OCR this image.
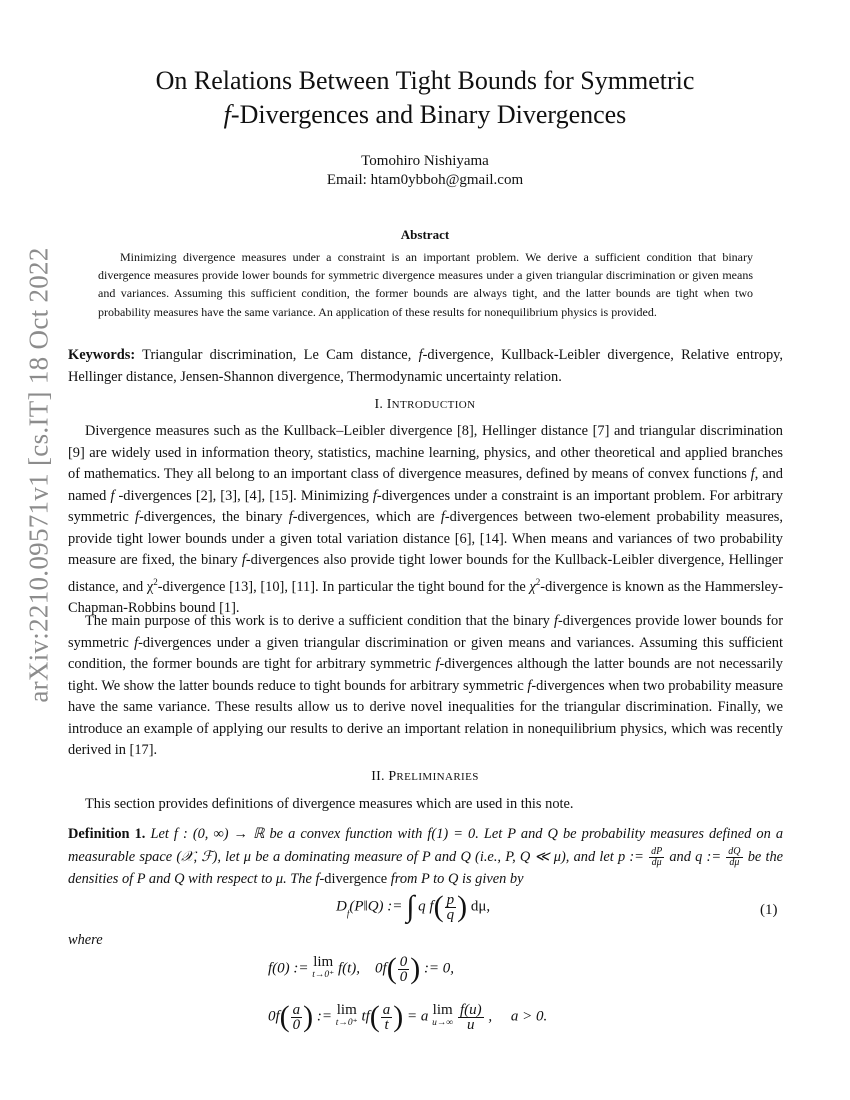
arXiv:2210.09571v1 [cs.IT] 18 Oct 2022
On Relations Between Tight Bounds for Symmetric
f-Divergences and Binary Divergences
Tomohiro Nishiyama
Email: htam0ybboh@gmail.com
Abstract

Minimizing divergence measures under a constraint is an important problem. We derive a sufficient condition that binary divergence measures provide lower bounds for symmetric divergence measures under a given triangular discrimination or given means and variances. Assuming this sufficient condition, the former bounds are always tight, and the latter bounds are tight when two probability measures have the same variance. An application of these results for nonequilibrium physics is provided.

Keywords: Triangular discrimination, Le Cam distance, f-divergence, Kullback-Leibler divergence, Relative entropy, Hellinger distance, Jensen-Shannon divergence, Thermodynamic uncertainty relation.

I. INTRODUCTION

Divergence measures such as the Kullback–Leibler divergence [8], Hellinger distance [7] and triangular discrimination [9] are widely used in information theory, statistics, machine learning, physics, and other theoretical and applied branches of mathematics. They all belong to an important class of divergence measures, defined by means of convex functions f, and named f -divergences [2], [3], [4], [15]. Minimizing f-divergences under a constraint is an important problem. For arbitrary symmetric f-divergences, the binary f-divergences, which are f-divergences between two-element probability measures, provide tight lower bounds under a given total variation distance [6], [14]. When means and variances of two probability measure are fixed, the binary f-divergences also provide tight lower bounds for the Kullback-Leibler divergence, Hellinger distance, and $\chi^2$-divergence [13], [10], [11]. In particular the tight bound for the $\chi^2$-divergence is known as the Hammersley-Chapman-Robbins bound [1].

The main purpose of this work is to derive a sufficient condition that the binary f-divergences provide lower bounds for symmetric f-divergences under a given triangular discrimination or given means and variances. Assuming this sufficient condition, the former bounds are tight for arbitrary symmetric f-divergences although the latter bounds are not necessarily tight. We show the latter bounds reduce to tight bounds for arbitrary symmetric f-divergences when two probability measure have the same variance. These results allow us to derive novel inequalities for the triangular discrimination. Finally, we introduce an example of applying our results to derive an important relation in nonequilibrium physics, which was recently derived in [17].

II. PRELIMINARIES

This section provides definitions of divergence measures which are used in this note.

Definition 1. Let f : (0, ∞) → ℝ be a convex function with f(1) = 0. Let P and Q be probability measures defined on a measurable space (𝒳, ℱ), let μ be a dominating measure of P and Q (i.e., P, Q ≪ μ), and let p := $\frac{dP}{d\mu}$ and q := $\frac{dQ}{d\mu}$ be the densities of P and Q with respect to μ. The f-divergence from P to Q is given by

$D_f(P‖Q)$ := ∫ q $f( \frac{p}{q}$ ) dμ,	(1)
where
f(0) := lim
t→0⁺ f(t), $0f( \frac{0}{0}$ ) := 0,
$0f( \frac{a}{0}$ ) := lim
t→0⁺ $tf( \frac{a}{t}$ ) = a lim
u→∞
$\frac{f(u)}{u}$ ,     a > 0.
